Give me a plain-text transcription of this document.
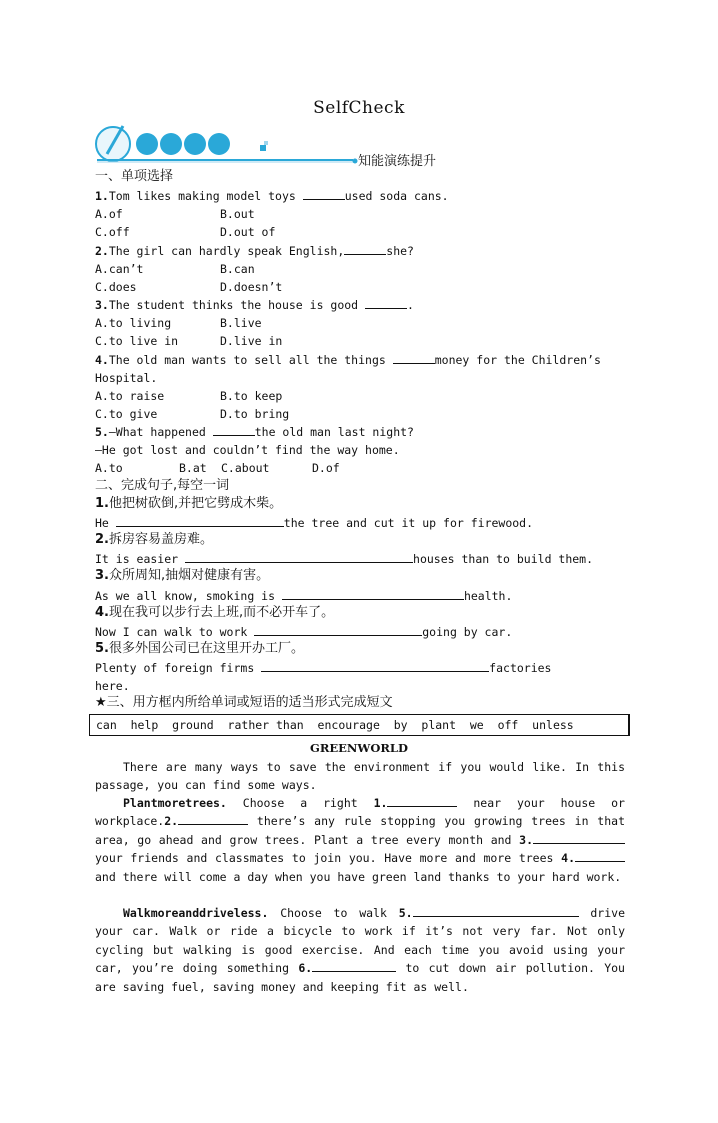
SelfCheck
知能演练提升
一、单项选择
1.Tom likes making model toys	used soda cans.
A.of	B.out
C.off	D.out of
2.The girl can hardly speak English,	she?
A.can’t	B.can
C.does	D.doesn’t
3.The student thinks the house is good	.
A.to living	B.live
C.to live in	D.live in
4.The old man wants to sell all the things	money for the Children’s
Hospital.
A.to raise	B.to keep
C.to give	D.to bring
5.—What happened	the old man last night?
—He got lost and couldn’t find the way home.
A.to	B.at C.about	D.of
二、完成句子,每空一词
1.他把树砍倒,并把它劈成木柴。
He	the tree and cut it up for firewood.
2.拆房容易盖房难。
It is easier	houses than to build them.
3.众所周知,抽烟对健康有害。
As we all know, smoking is	health.
4.现在我可以步行去上班,而不必开车了。
Now I can walk to work	going by car.
5.很多外国公司已在这里开办工厂。
Plenty of foreign firms	factories
here.
★三、用方框内所给单词或短语的适当形式完成短文
can  help  ground  rather than  encourage  by  plant  we  off  unless
GREENWORLD
There are many ways to save the environment if you would like. In this passage, you can find some ways.
Plantmoretrees. Choose a right 1.	near your house or workplace.2.	there’s any rule stopping you growing trees in that area, go ahead and grow trees. Plant a tree every month and 3. your friends and classmates to join you. Have more and more trees 4. and there will come a day when you have green land thanks to your hard work.
Walkmoreanddriveless. Choose to walk 5.	drive your car. Walk or ride a bicycle to work if it’s not very far. Not only cycling but walking is good exercise. And each time you avoid using your car, you’re doing something 6.	to cut down air pollution. You are saving fuel, saving money and keeping fit as well.
